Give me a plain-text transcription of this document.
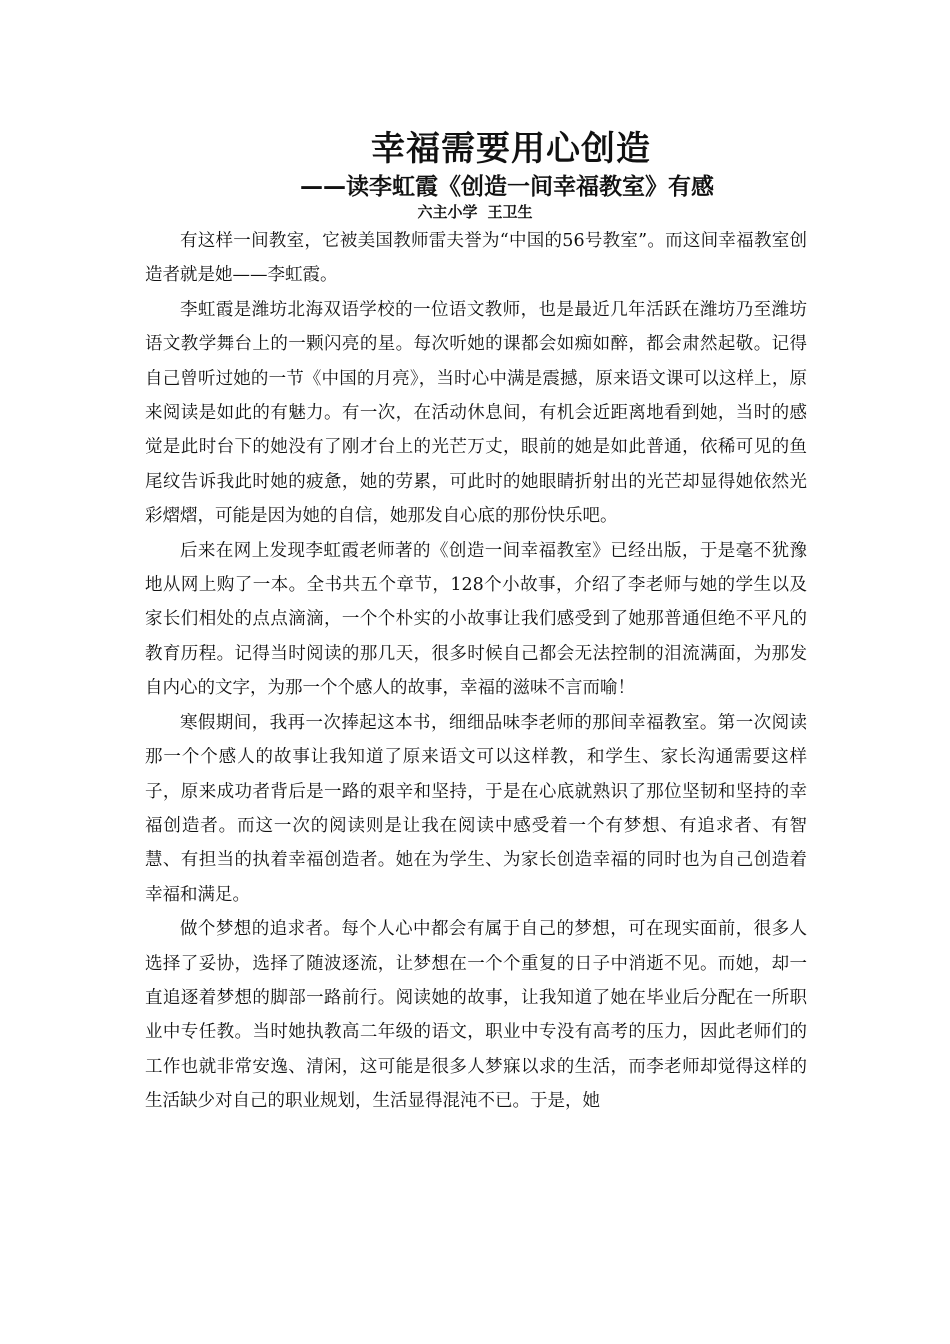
幸福需要用心创造
——读李虹霞《创造一间幸福教室》有感
六主小学 王卫生

有这样一间教室，它被美国教师雷夫誉为“中国的56号教室”。而这间幸福教室创造者就是她——李虹霞。

李虹霞是潍坊北海双语学校的一位语文教师，也是最近几年活跃在潍坊乃至潍坊语文教学舞台上的一颗闪亮的星。每次听她的课都会如痴如醉，都会肃然起敬。记得自己曾听过她的一节《中国的月亮》，当时心中满是震撼，原来语文课可以这样上，原来阅读是如此的有魅力。有一次，在活动休息间，有机会近距离地看到她，当时的感觉是此时台下的她没有了刚才台上的光芒万丈，眼前的她是如此普通，依稀可见的鱼尾纹告诉我此时她的疲惫，她的劳累，可此时的她眼睛折射出的光芒却显得她依然光彩熠熠，可能是因为她的自信，她那发自心底的那份快乐吧。

后来在网上发现李虹霞老师著的《创造一间幸福教室》已经出版，于是毫不犹豫地从网上购了一本。全书共五个章节，128个小故事，介绍了李老师与她的学生以及家长们相处的点点滴滴，一个个朴实的小故事让我们感受到了她那普通但绝不平凡的教育历程。记得当时阅读的那几天，很多时候自己都会无法控制的泪流满面，为那发自内心的文字，为那一个个感人的故事，幸福的滋味不言而喻！

寒假期间，我再一次捧起这本书，细细品味李老师的那间幸福教室。第一次阅读那一个个感人的故事让我知道了原来语文可以这样教，和学生、家长沟通需要这样子，原来成功者背后是一路的艰辛和坚持，于是在心底就熟识了那位坚韧和坚持的幸福创造者。而这一次的阅读则是让我在阅读中感受着一个有梦想、有追求者、有智慧、有担当的执着幸福创造者。她在为学生、为家长创造幸福的同时也为自己创造着幸福和满足。

做个梦想的追求者。每个人心中都会有属于自己的梦想，可在现实面前，很多人选择了妥协，选择了随波逐流，让梦想在一个个重复的日子中消逝不见。而她，却一直追逐着梦想的脚部一路前行。阅读她的故事，让我知道了她在毕业后分配在一所职业中专任教。当时她执教高二年级的语文，职业中专没有高考的压力，因此老师们的工作也就非常安逸、清闲，这可能是很多人梦寐以求的生活，而李老师却觉得这样的生活缺少对自己的职业规划，生活显得混沌不已。于是，她
